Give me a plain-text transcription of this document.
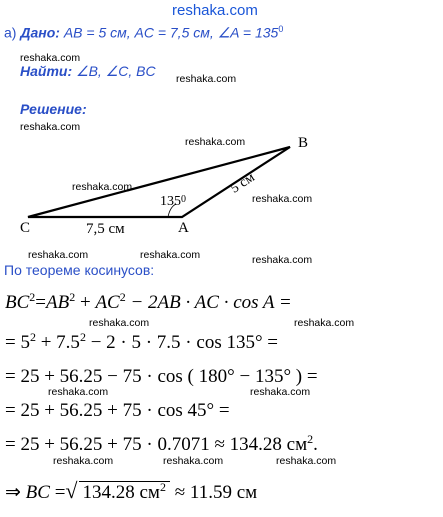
reshaka.com
а) Дано: AB = 5 см, AC = 7,5 см, ∠A = $135^0$
Найти: ∠B, ∠C, BC
Решение:
reshaka.com
reshaka.com
reshaka.com
reshaka.com
reshaka.com
reshaka.com
reshaka.com	reshaka.com	reshaka.com
reshaka.com	reshaka.com
reshaka.com	reshaka.com
reshaka.com	reshaka.com	reshaka.com
B
C	A
$135^0$
5 см
7,5 см
По теореме косинусов:
$BC^2=AB^2 + AC^2 - 2AB$ · AC · cos A =
= $5^2 + 7.5^2 - 2 \cdot 5 \cdot 7.5 \cdot \cos 135^\circ$ =
= 25 + 56.25 − 75 · cos ( 180° − 135° ) =
= 25 + 56.25 + 75 · cos 45° =
= 25 + 56.25 + 75 · 0.7071 ≈ 134.28 $см^2$.
⇒ BC =√ 134.28 $см^2 \approx 11.59$ см
